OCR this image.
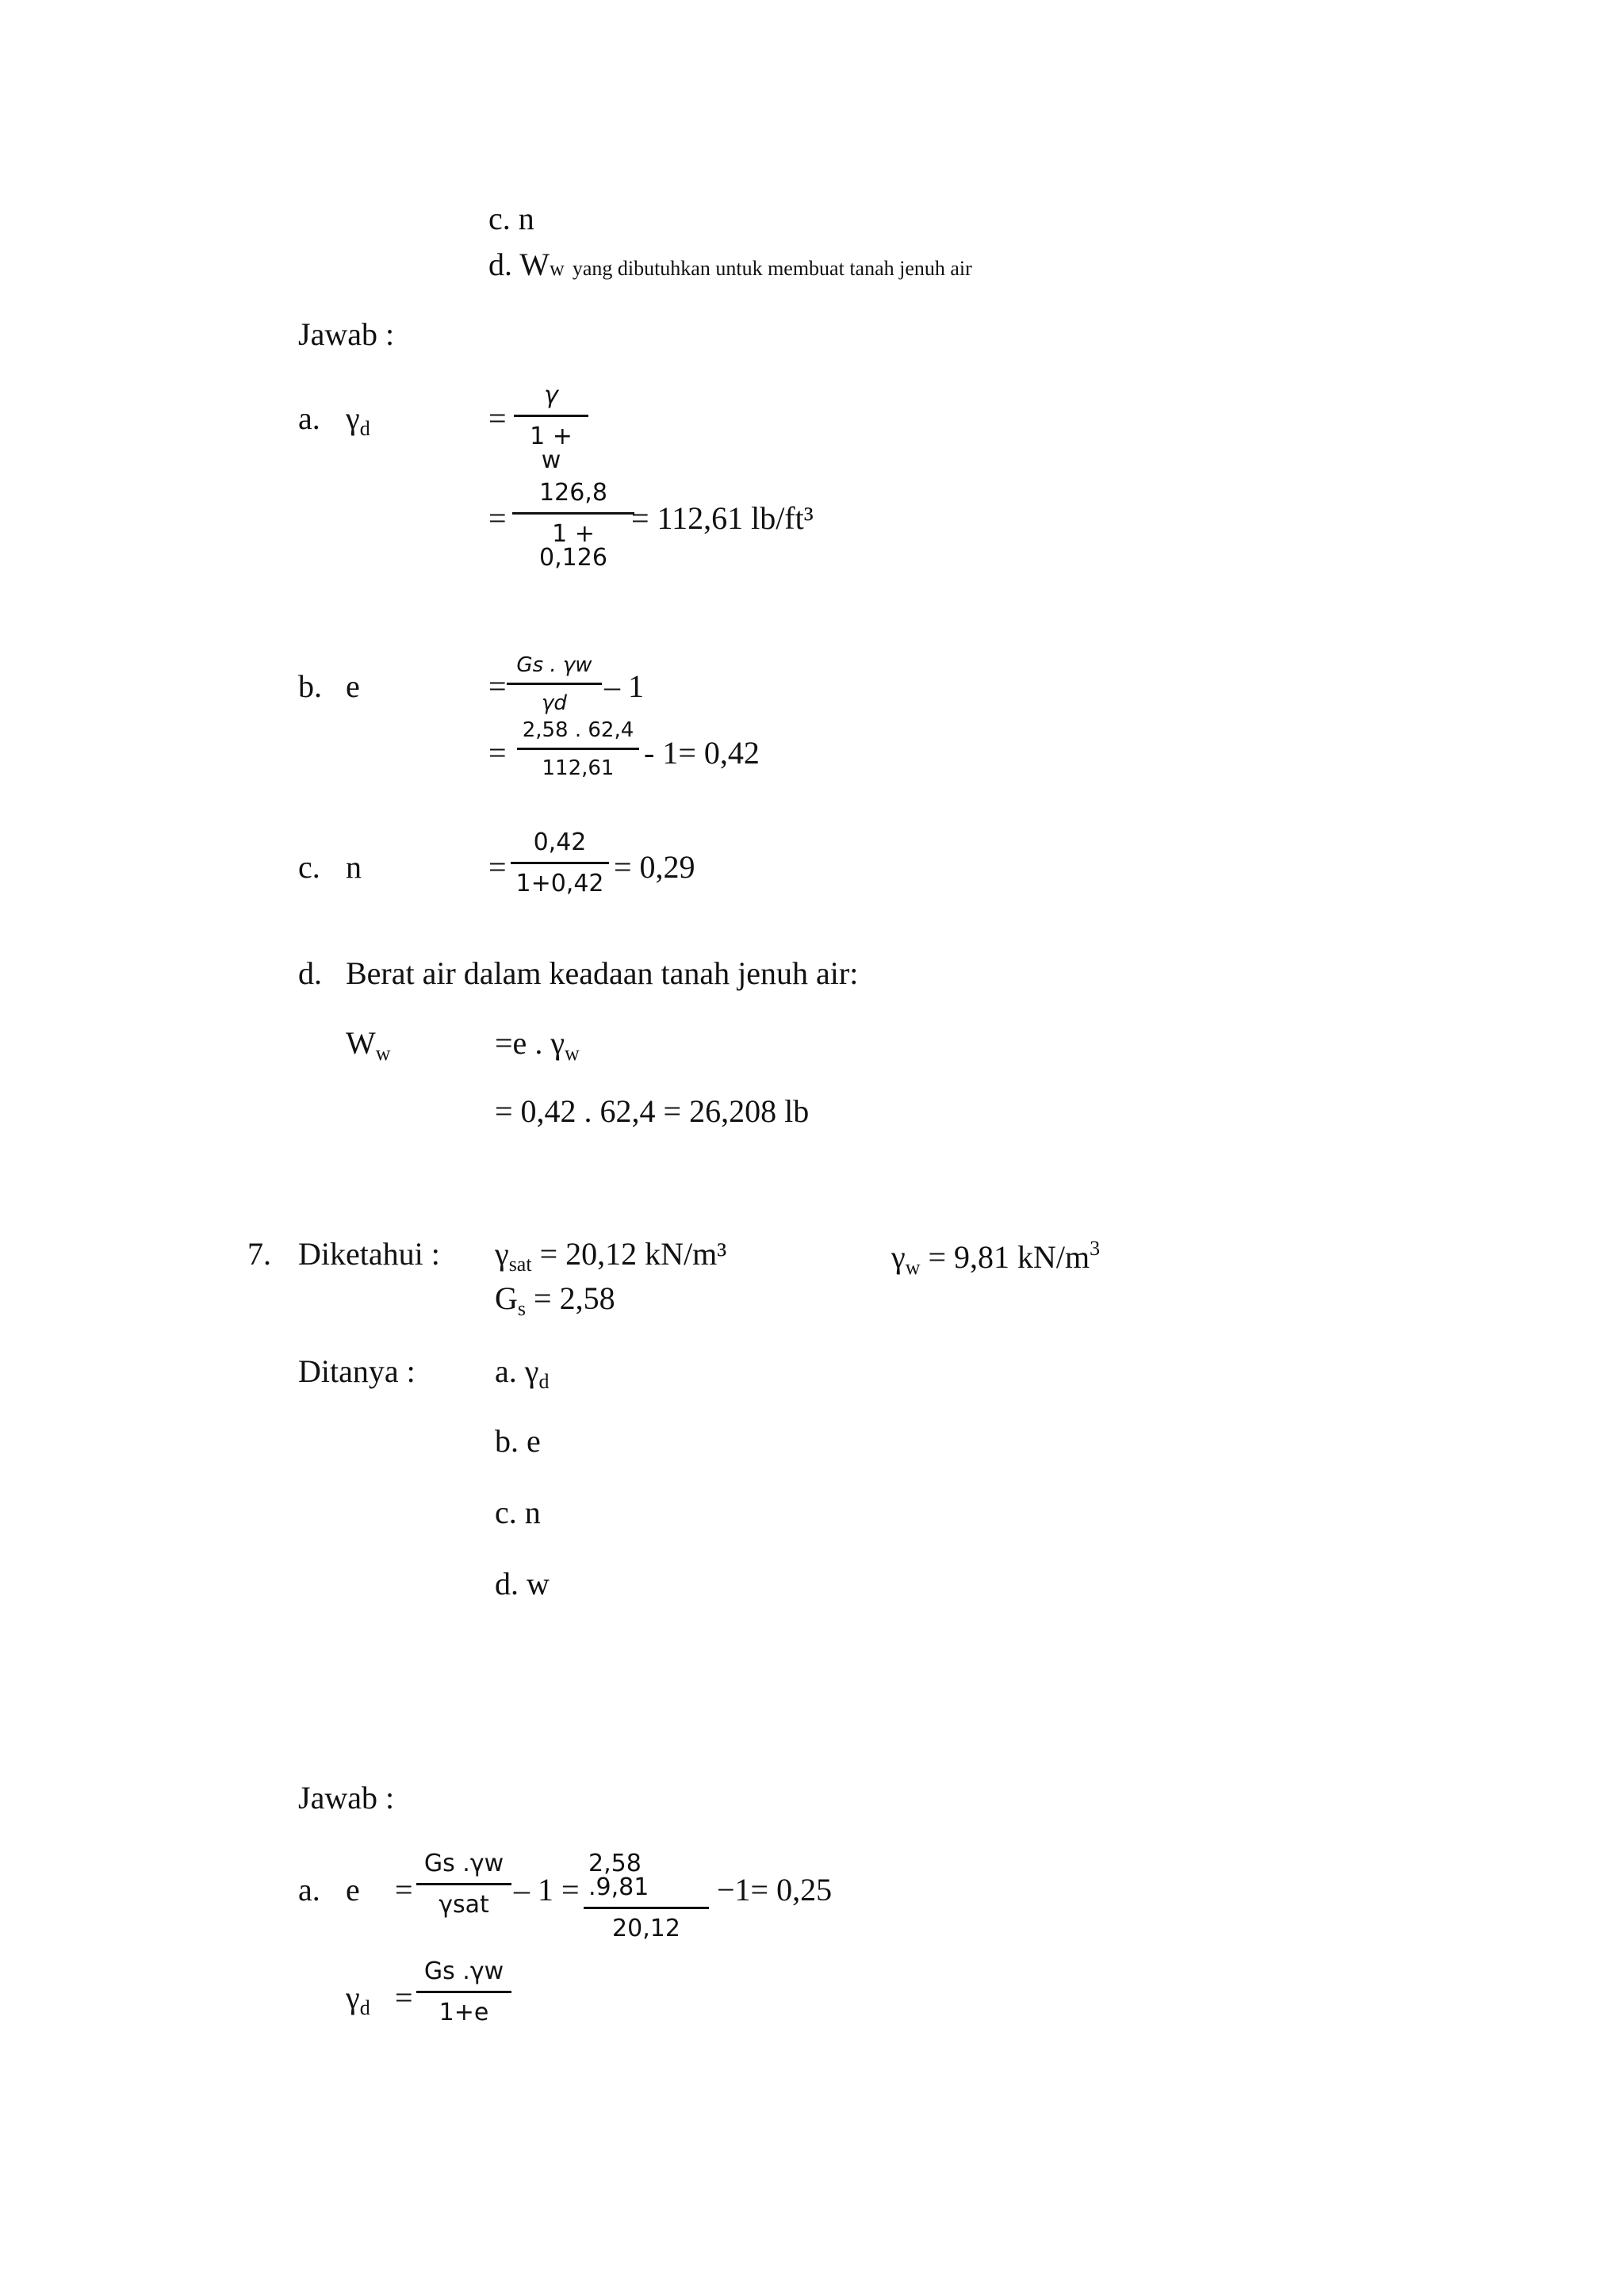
c. n
d. Ww yang dibutuhkan untuk membuat tanah jenuh air
Jawab :
a. $\gamma_d$	= $\frac{\gamma}{1 + w}$
= $\frac{126,8}{1 + 0,126}$
= 112,61 lb/ft³
b. e	= $\frac{Gs . \gamma w}{\gamma d} - 1$
= $\frac{2,58 . 62,4}{112,61} - 1= 0,42$
c. n	= $\frac{0,42}{1+0,42} = 0,29$
d. Berat air dalam keadaan tanah jenuh air:
$W_w$	=e . $\gamma_w$
= 0,42 . 62,4 = 26,208 lb
7. Diketahui : $\gamma_{sat} = 20,12$ kN/m³	$\gamma_w = 9,81$ $kN/m^3$
$G_s = 2,58$
Ditanya :	a. $\gamma_d$
b. e
c. n
d. w
Jawab :
a. e =
Gs .γw
$\gamma sat - 1 = \frac{2,58 .9,81}{20,12} -1= 0,25$
$\gamma_d = \frac{Gs .\gamma w}{1+e}$
